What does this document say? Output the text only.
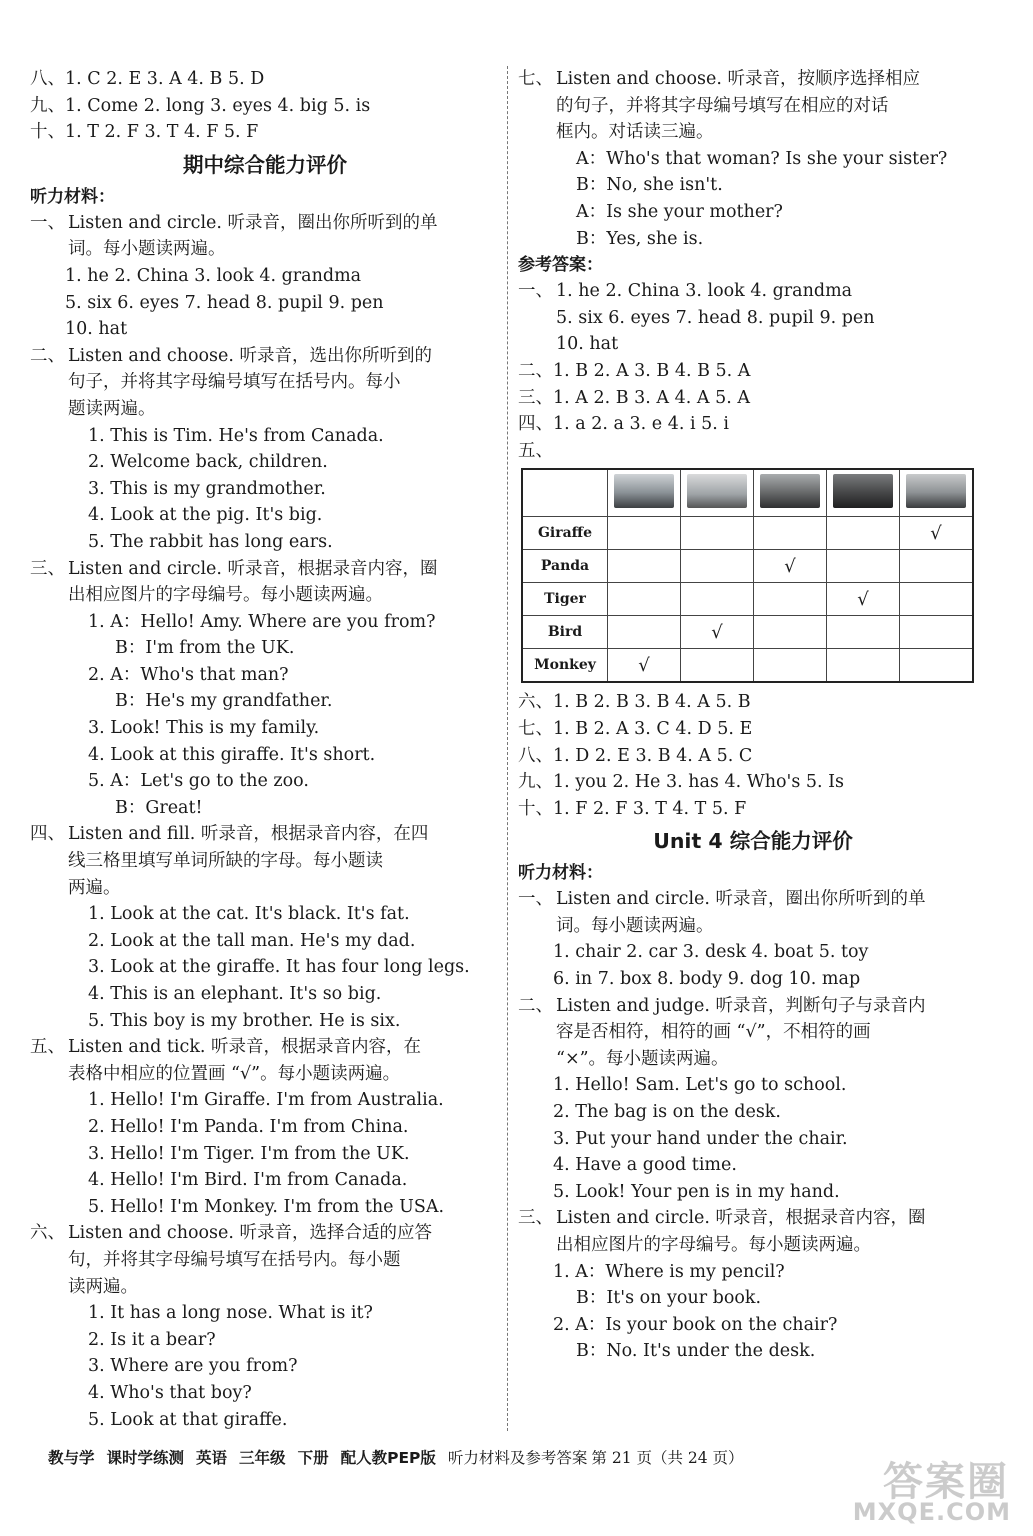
八、1. C 2. E 3. A 4. B 5. D
九、1. Come 2. long 3. eyes 4. big 5. is
十、1. T 2. F 3. T 4. F 5. F
期中综合能力评价
听力材料：
一、 Listen and circle. 听录音，圈出你所听到的单
词。每小题读两遍。
1. he 2. China 3. look 4. grandma
5. six 6. eyes 7. head 8. pupil 9. pen
10. hat
二、 Listen and choose. 听录音，选出你所听到的
句子，并将其字母编号填写在括号内。每小
题读两遍。
1. This is Tim. He's from Canada.
2. Welcome back, children.
3. This is my grandmother.
4. Look at the pig. It's big.
5. The rabbit has long ears.
三、 Listen and circle. 听录音，根据录音内容，圈
出相应图片的字母编号。每小题读两遍。
1. A：Hello! Amy. Where are you from?
B：I'm from the UK.
2. A：Who's that man?
B：He's my grandfather.
3. Look! This is my family.
4. Look at this giraffe. It's short.
5. A：Let's go to the zoo.
B：Great!
四、 Listen and fill. 听录音，根据录音内容，在四
线三格里填写单词所缺的字母。每小题读
两遍。
1. Look at the cat. It's black. It's fat.
2. Look at the tall man. He's my dad.
3. Look at the giraffe. It has four long legs.
4. This is an elephant. It's so big.
5. This boy is my brother. He is six.
五、 Listen and tick. 听录音，根据录音内容，在
表格中相应的位置画 “√”。每小题读两遍。
1. Hello! I'm Giraffe. I'm from Australia.
2. Hello! I'm Panda. I'm from China.
3. Hello! I'm Tiger. I'm from the UK.
4. Hello! I'm Bird. I'm from Canada.
5. Hello! I'm Monkey. I'm from the USA.
六、 Listen and choose. 听录音，选择合适的应答
句，并将其字母编号填写在括号内。每小题
读两遍。
1. It has a long nose. What is it?
2. Is it a bear?
3. Where are you from?
4. Who's that boy?
5. Look at that giraffe.
七、 Listen and choose. 听录音，按顺序选择相应
的句子，并将其字母编号填写在相应的对话
框内。对话读三遍。
A：Who's that woman? Is she your sister?
B：No, she isn't.
A：Is she your mother?
B：Yes, she is.
参考答案：
一、 1. he 2. China 3. look 4. grandma
5. six 6. eyes 7. head 8. pupil 9. pen
10. hat
二、1. B 2. A 3. B 4. B 5. A
三、1. A 2. B 3. A 4. A 5. A
四、1. a 2. a 3. e 4. i 5. i
五、

Giraffe					√
Panda			√		
Tiger				√	
Bird		√			
Monkey	√				
六、1. B 2. B 3. B 4. A 5. B
七、1. B 2. A 3. C 4. D 5. E
八、1. D 2. E 3. B 4. A 5. C
九、1. you 2. He 3. has 4. Who's 5. Is
十、1. F 2. F 3. T 4. T 5. F
Unit 4 综合能力评价
听力材料：
一、 Listen and circle. 听录音，圈出你所听到的单
词。每小题读两遍。
1. chair 2. car 3. desk 4. boat 5. toy
6. in 7. box 8. body 9. dog 10. map
二、 Listen and judge. 听录音，判断句子与录音内
容是否相符，相符的画 “√”，不相符的画
“×”。每小题读两遍。
1. Hello! Sam. Let's go to school.
2. The bag is on the desk.
3. Put your hand under the chair.
4. Have a good time.
5. Look! Your pen is in my hand.
三、 Listen and circle. 听录音，根据录音内容，圈
出相应图片的字母编号。每小题读两遍。
1. A：Where is my pencil?
B：It's on your book.
2. A：Is your book on the chair?
B：No. It's under the desk.
教与学 课时学练测 英语 三年级 下册 配人教PEP版 听力材料及参考答案 第 21 页（共 24 页）
答案圈
MXQE.COM
